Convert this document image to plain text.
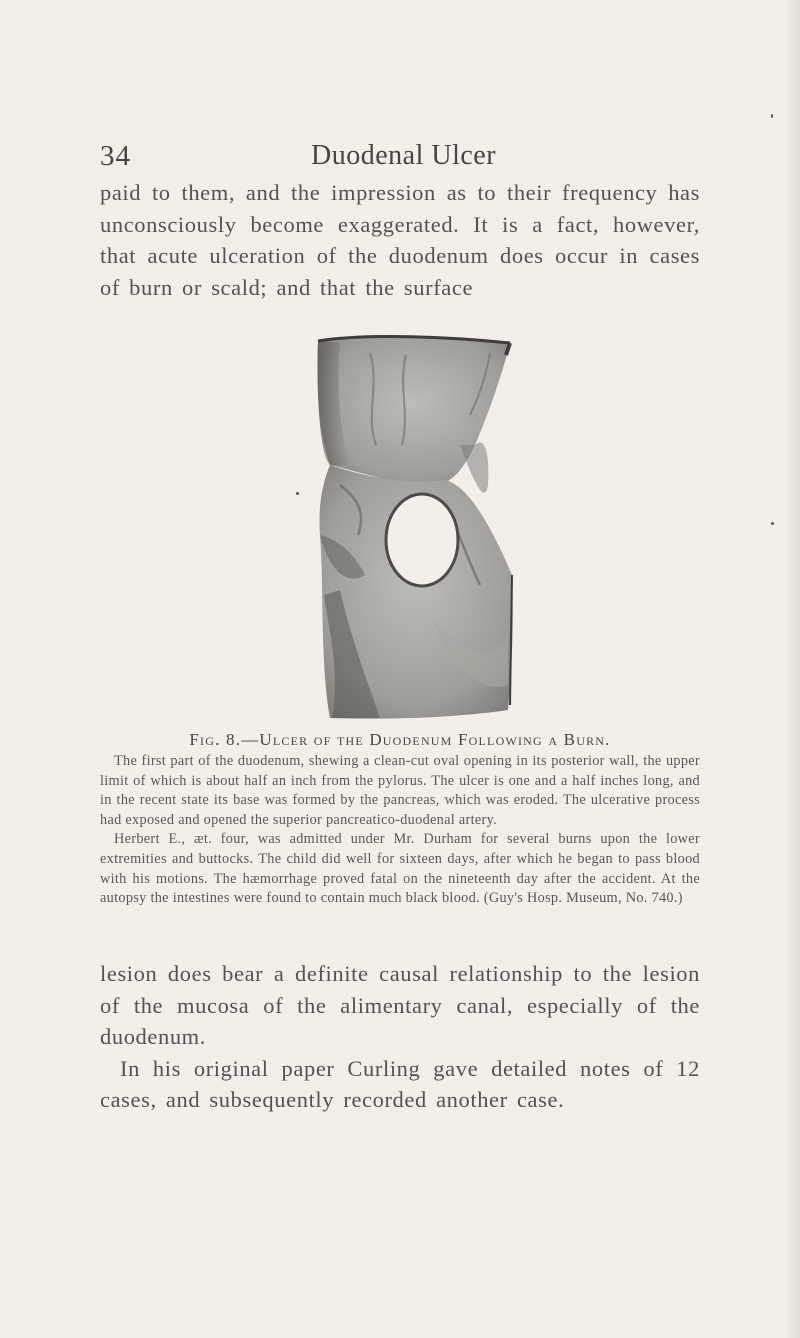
34	Duodenal Ulcer

paid to them, and the impression as to their frequency has unconsciously become exaggerated. It is a fact, however, that acute ulceration of the duodenum does occur in cases of burn or scald; and that the surface

Fig. 8.—Ulcer of the Duodenum Following a Burn.

The first part of the duodenum, shewing a clean-cut oval opening in its posterior wall, the upper limit of which is about half an inch from the pylorus. The ulcer is one and a half inches long, and in the recent state its base was formed by the pancreas, which was eroded. The ulcerative process had exposed and opened the superior pancreatico-duodenal artery.

Herbert E., æt. four, was admitted under Mr. Durham for several burns upon the lower extremities and buttocks. The child did well for sixteen days, after which he began to pass blood with his motions. The hæmorrhage proved fatal on the nineteenth day after the accident. At the autopsy the intestines were found to contain much black blood. (Guy's Hosp. Museum, No. 740.)

lesion does bear a definite causal relationship to the lesion of the mucosa of the alimentary canal, especially of the duodenum.

In his original paper Curling gave detailed notes of 12 cases, and subsequently recorded another case.
